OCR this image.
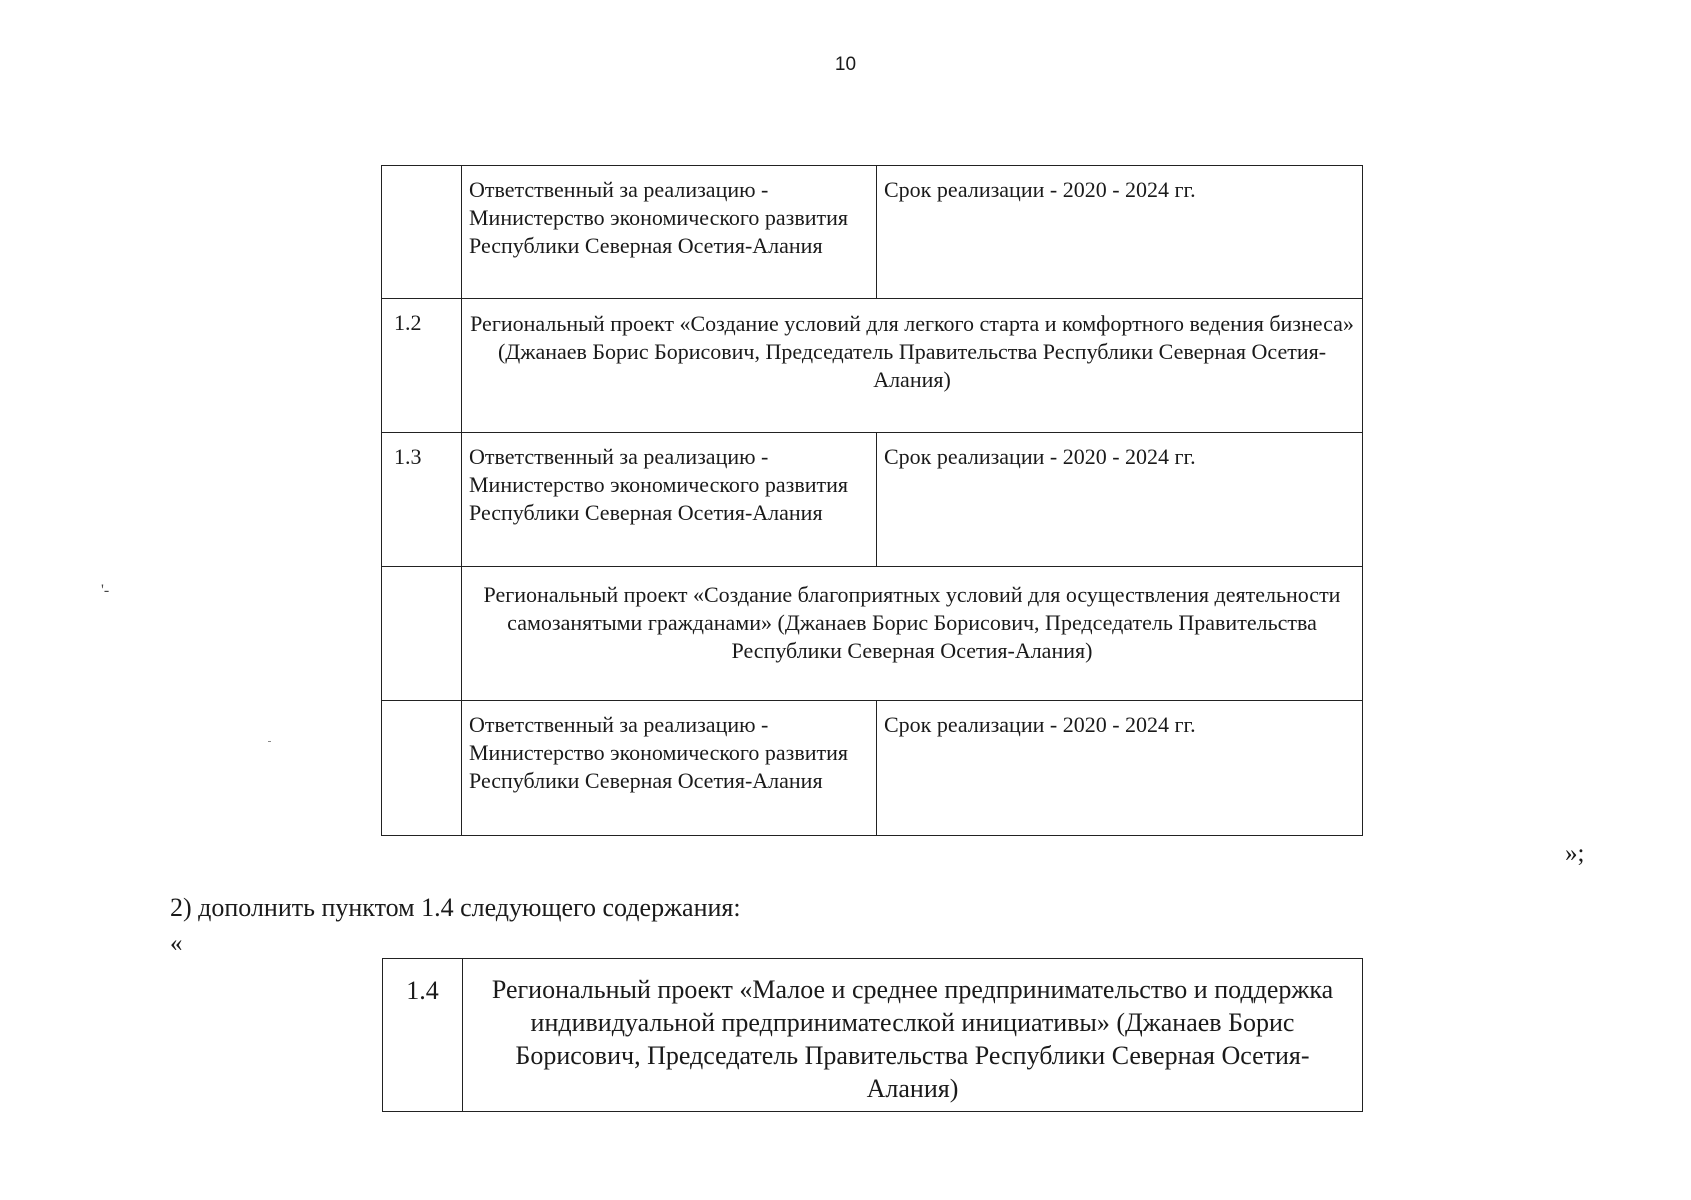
10
'-
	Ответственный за реализацию - Министерство экономического развития Республики Северная Осетия-Алания	Срок реализации - 2020 - 2024 гг.
1.2	Региональный проект «Создание условий для легкого старта и комфортного ведения бизнеса» (Джанаев Борис Борисович, Председатель Правительства Республики Северная Осетия-Алания)	
1.3	Ответственный за реализацию - Министерство экономического развития Республики Северная Осетия-Алания	Срок реализации - 2020 - 2024 гг.
	Региональный проект «Создание благоприятных условий для осуществления деятельности самозанятыми гражданами» (Джанаев Борис Борисович, Председатель Правительства Республики Северная Осетия-Алания)	
	Ответственный за реализацию - Министерство экономического развития Республики Северная Осетия-Алания	Срок реализации - 2020 - 2024 гг.
»;
2) дополнить пунктом 1.4 следующего содержания:
«
1.4	Региональный проект «Малое и среднее предпринимательство и поддержка индивидуальной предприниматеслкой инициативы» (Джанаев Борис Борисович, Председатель Правительства Республики Северная Осетия-Алания)
